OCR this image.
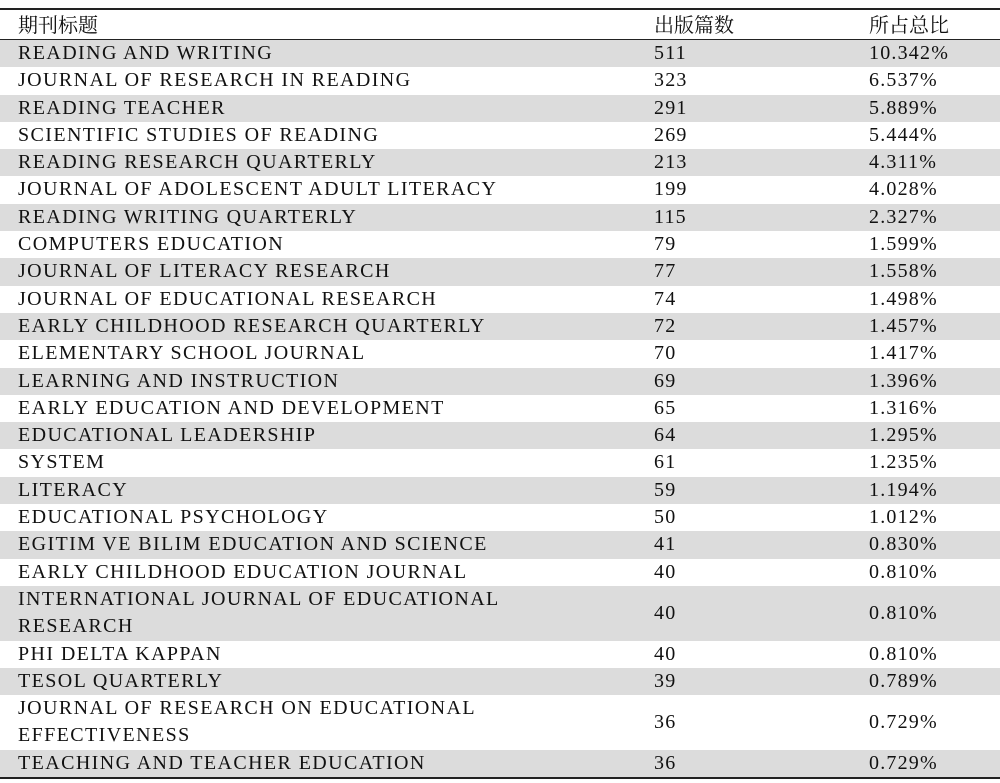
期刊标题	出版篇数	所占总比
READING AND WRITING	511	10.342%
JOURNAL OF RESEARCH IN READING	323	6.537%
READING TEACHER	291	5.889%
SCIENTIFIC STUDIES OF READING	269	5.444%
READING RESEARCH QUARTERLY	213	4.311%
JOURNAL OF ADOLESCENT ADULT LITERACY	199	4.028%
READING WRITING QUARTERLY	115	2.327%
COMPUTERS EDUCATION	79	1.599%
JOURNAL OF LITERACY RESEARCH	77	1.558%
JOURNAL OF EDUCATIONAL RESEARCH	74	1.498%
EARLY CHILDHOOD RESEARCH QUARTERLY	72	1.457%
ELEMENTARY SCHOOL JOURNAL	70	1.417%
LEARNING AND INSTRUCTION	69	1.396%
EARLY EDUCATION AND DEVELOPMENT	65	1.316%
EDUCATIONAL LEADERSHIP	64	1.295%
SYSTEM	61	1.235%
LITERACY	59	1.194%
EDUCATIONAL PSYCHOLOGY	50	1.012%
EGITIM VE BILIM EDUCATION AND SCIENCE	41	0.830%
EARLY CHILDHOOD EDUCATION JOURNAL	40	0.810%

INTERNATIONAL JOURNAL OF EDUCATIONAL
RESEARCH	40	0.810%
PHI DELTA KAPPAN	40	0.810%
TESOL QUARTERLY	39	0.789%

JOURNAL OF RESEARCH ON EDUCATIONAL
EFFECTIVENESS	36	0.729%
TEACHING AND TEACHER EDUCATION	36	0.729%
